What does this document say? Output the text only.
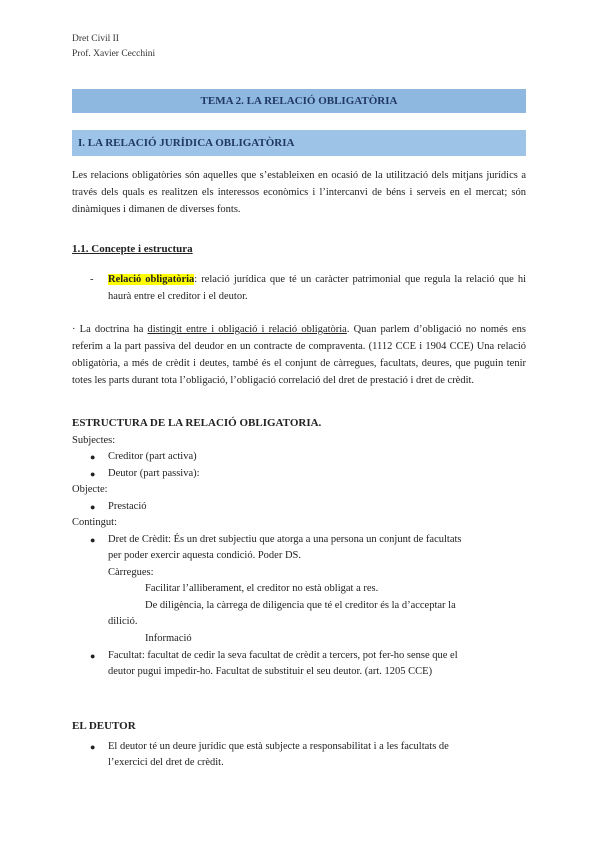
Dret Civil II
Prof. Xavier Cecchini
TEMA 2. LA RELACIÓ OBLIGATÒRIA
I. LA RELACIÓ JURÍDICA OBLIGATÒRIA
Les relacions obligatòries són aquelles que s’estableixen en ocasió de la utilització dels mitjans jurídics a través dels quals es realitzen els interessos econòmics i l’intercanvi de béns i serveis en el mercat; són dinàmiques i dimanen de diverses fonts.
1.1. Concepte i estructura
- Relació obligatòria: relació jurídica que té un caràcter patrimonial que regula la relació que hi haurà entre el creditor i el deutor.
· La doctrina ha distingit entre i obligació i relació obligatòria. Quan parlem d’obligació no només ens referim a la part passiva del deudor en un contracte de compraventa. (1112 CCE i 1904 CCE) Una relació obligatòria, a més de crèdit i deutes, també és el conjunt de càrregues, facultats, deures, que puguin tenir totes les parts durant tota l’obligació, l’obligació correlació del dret de prestació i dret de crèdit.
ESTRUCTURA DE LA RELACIÓ OBLIGATORIA.
Subjectes:
● Creditor (part activa)
● Deutor (part passiva):
Objecte:
● Prestació
Contingut:
● Dret de Crèdit: És un dret subjectiu que atorga a una persona un conjunt de facultats
per poder exercir aquesta condició. Poder DS.
Càrregues:
Facilitar l’alliberament, el creditor no està obligat a res.
De diligència, la càrrega de diligencia que té el creditor és la d’acceptar la
dilició.
Informació
● Facultat: facultat de cedir la seva facultat de crèdit a tercers, pot fer-ho sense que el
deutor pugui impedir-ho. Facultat de substituir el seu deutor. (art. 1205 CCE)
EL DEUTOR
● El deutor té un deure jurídic que està subjecte a responsabilitat i a les facultats de
l’exercici del dret de crèdit.
